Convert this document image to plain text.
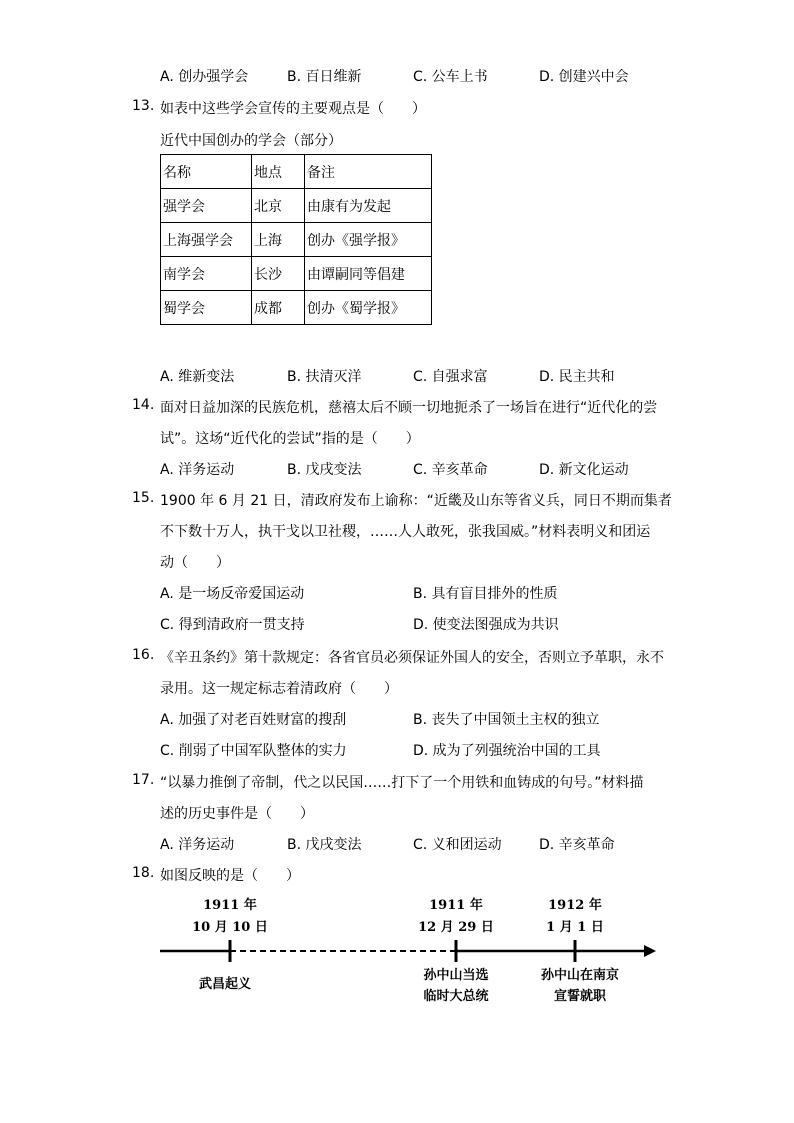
A. 创办强学会	B. 百日维新	C. 公车上书	D. 创建兴中会
13. 如表中这些学会宣传的主要观点是（　　）
近代中国创办的学会（部分）
名称	地点	备注
强学会	北京	由康有为发起
上海强学会	上海	创办《强学报》
南学会	长沙	由谭嗣同等倡建
蜀学会	成都	创办《蜀学报》
A. 维新变法	B. 扶清灭洋	C. 自强求富	D. 民主共和
14. 面对日益加深的民族危机，慈禧太后不顾一切地扼杀了一场旨在进行“近代化的尝
试”。这场“近代化的尝试”指的是（　　）
A. 洋务运动	B. 戊戌变法	C. 辛亥革命	D. 新文化运动
15. 1900 年 6 月 21 日，清政府发布上谕称：“近畿及山东等省义兵，同日不期而集者
不下数十万人，执干戈以卫社稷，……人人敢死，张我国威。”材料表明义和团运
动（　　）
A. 是一场反帝爱国运动	B. 具有盲目排外的性质
C. 得到清政府一贯支持	D. 使变法图强成为共识
16. 《辛丑条约》第十款规定：各省官员必须保证外国人的安全，否则立予革职，永不
录用。这一规定标志着清政府（　　）
A. 加强了对老百姓财富的搜刮	B. 丧失了中国领土主权的独立
C. 削弱了中国军队整体的实力	D. 成为了列强统治中国的工具
17. “以暴力推倒了帝制，代之以民国……打下了一个用铁和血铸成的句号。”材料描
述的历史事件是（　　）
A. 洋务运动	B. 戊戌变法	C. 义和团运动	D. 辛亥革命
18. 如图反映的是（　　）
1911 年
10 月 10 日
武昌起义
1911 年
12 月 29 日
孙中山当选
临时大总统
1912 年
1 月 1 日
孙中山在南京
宣誓就职
